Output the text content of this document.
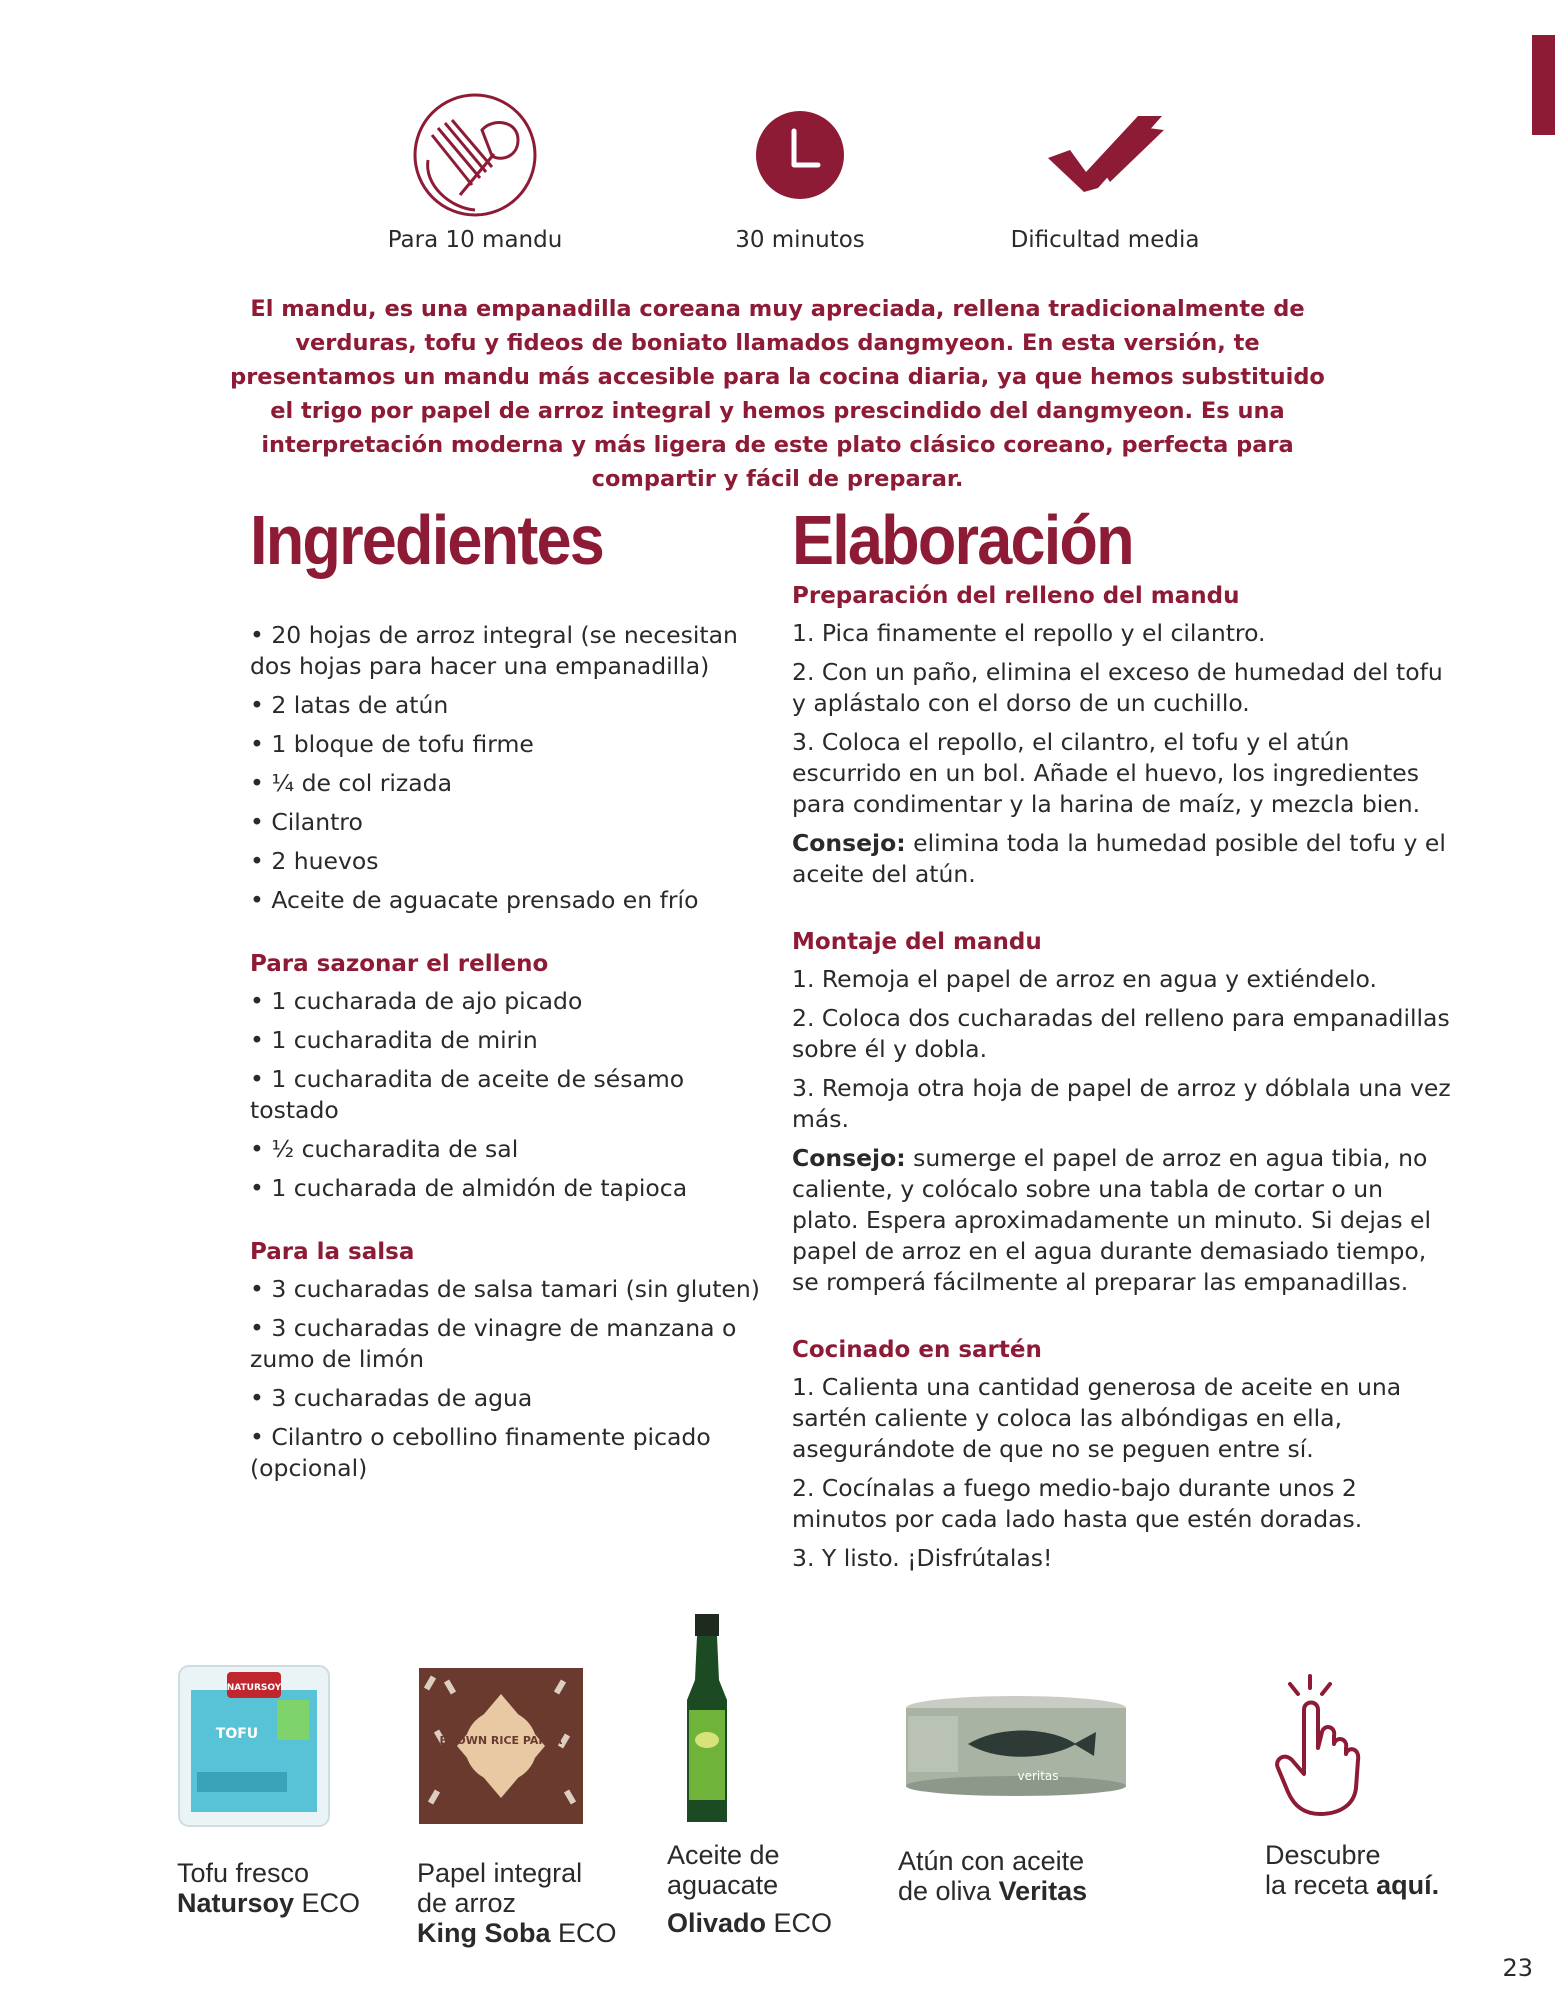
Para 10 mandu	30 minutos	Dificultad media
El mandu, es una empanadilla coreana muy apreciada, rellena tradicionalmente de verduras, tofu y fideos de boniato llamados dangmyeon. En esta versión, te presentamos un mandu más accesible para la cocina diaria, ya que hemos substituido el trigo por papel de arroz integral y hemos prescindido del dangmyeon. Es una interpretación moderna y más ligera de este plato clásico coreano, perfecta para compartir y fácil de preparar.
Ingredientes
• 20 hojas de arroz integral (se necesitan dos hojas para hacer una empanadilla)
• 2 latas de atún
• 1 bloque de tofu firme
• ¼ de col rizada
• Cilantro
• 2 huevos
• Aceite de aguacate prensado en frío
Para sazonar el relleno
• 1 cucharada de ajo picado
• 1 cucharadita de mirin
• 1 cucharadita de aceite de sésamo tostado
• ½ cucharadita de sal
• 1 cucharada de almidón de tapioca
Para la salsa
• 3 cucharadas de salsa tamari (sin gluten)
• 3 cucharadas de vinagre de manzana o zumo de limón
• 3 cucharadas de agua
• Cilantro o cebollino finamente picado (opcional)
Elaboración
Preparación del relleno del mandu
1. Pica finamente el repollo y el cilantro.
2. Con un paño, elimina el exceso de humedad del tofu y aplástalo con el dorso de un cuchillo.
3. Coloca el repollo, el cilantro, el tofu y el atún escurrido en un bol. Añade el huevo, los ingredientes para condimentar y la harina de maíz, y mezcla bien.
Consejo: elimina toda la humedad posible del tofu y el aceite del atún.
Montaje del mandu
1. Remoja el papel de arroz en agua y extiéndelo.
2. Coloca dos cucharadas del relleno para empanadillas sobre él y dobla.
3. Remoja otra hoja de papel de arroz y dóblala una vez más.
Consejo: sumerge el papel de arroz en agua tibia, no caliente, y colócalo sobre una tabla de cortar o un plato. Espera aproximadamente un minuto. Si dejas el papel de arroz en el agua durante demasiado tiempo, se romperá fácilmente al preparar las empanadillas.
Cocinado en sartén
1. Calienta una cantidad generosa de aceite en una sartén caliente y coloca las albóndigas en ella, asegurándote de que no se peguen entre sí.
2. Cocínalas a fuego medio-bajo durante unos 2 minutos por cada lado hasta que estén doradas.
3. Y listo. ¡Disfrútalas!
NATURSOY
TOFU
Tofu fresco
Natursoy ECO
BROWN RICE PAPER
Papel integral
de arroz
King Soba ECO
Aceite de
aguacate
Olivado ECO
veritas
Atún con aceite
de oliva Veritas
Descubre
la receta aquí.
23
